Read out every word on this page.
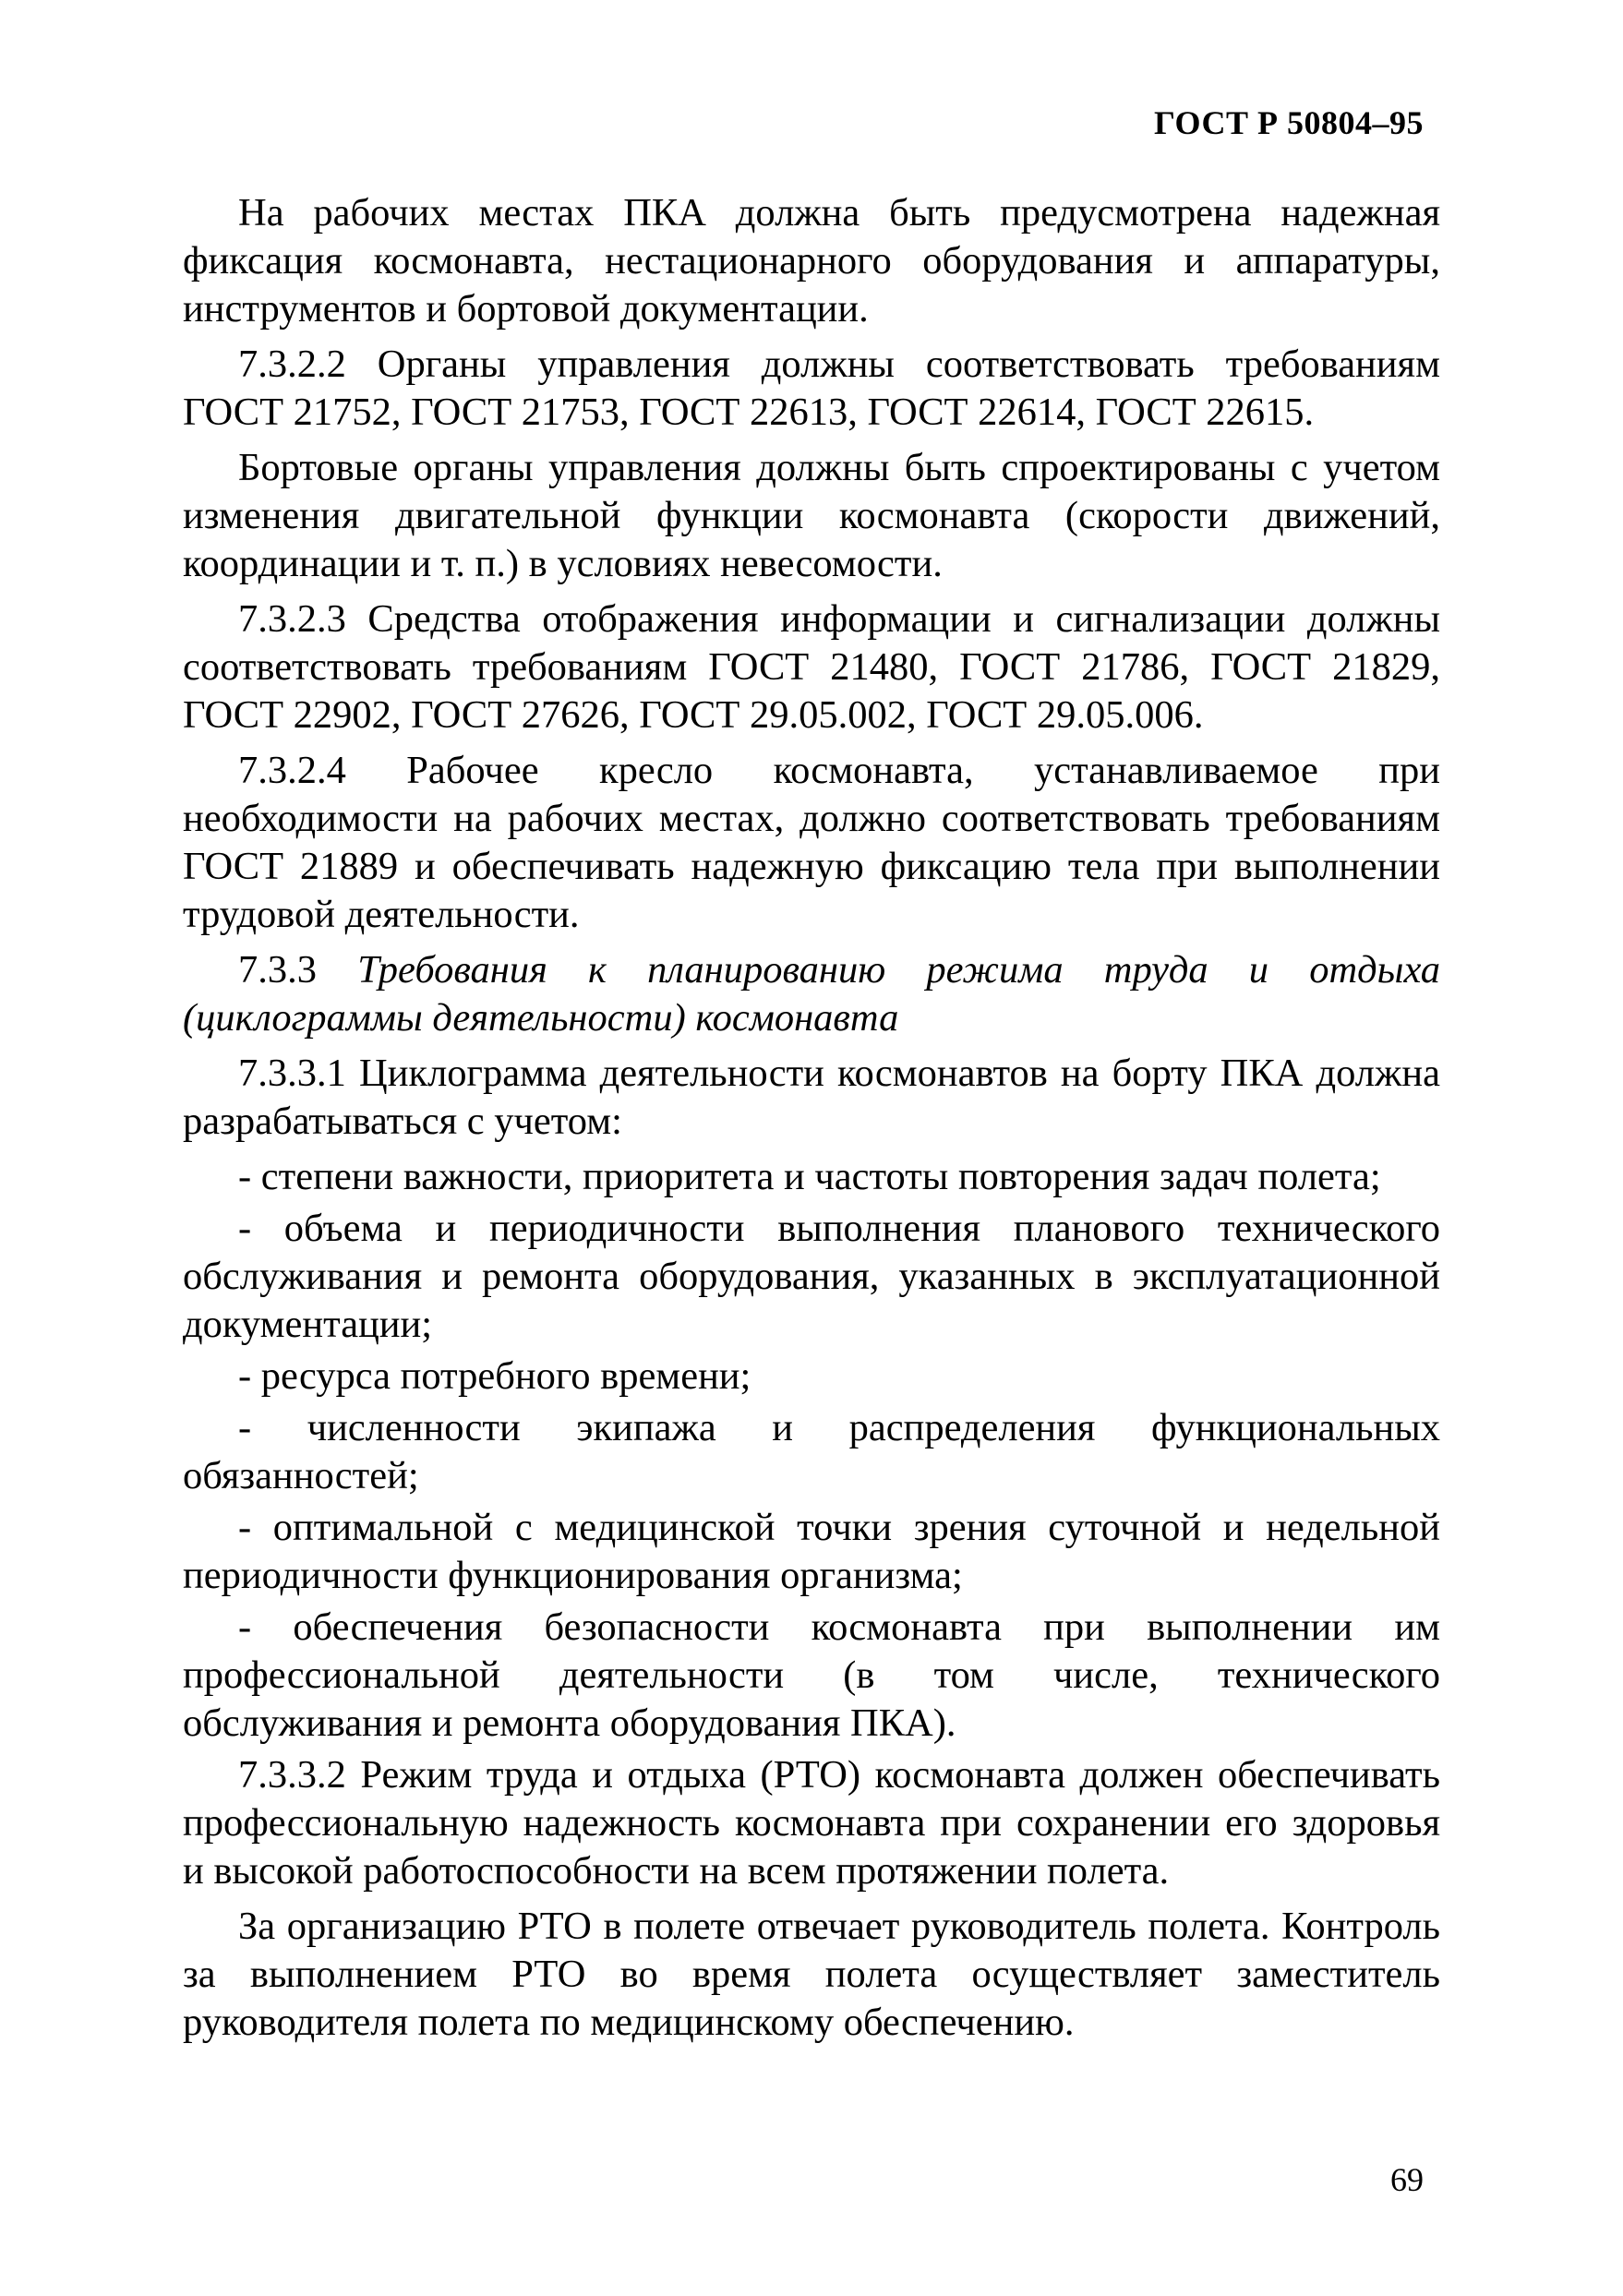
ГОСТ Р 50804–95

На рабочих местах ПКА должна быть предусмотрена надежная фиксация космонавта, нестационарного оборудования и аппаратуры, инструментов и бортовой документации.

7.3.2.2 Органы управления должны соответствовать требованиям ГОСТ 21752, ГОСТ 21753, ГОСТ 22613, ГОСТ 22614, ГОСТ 22615.

Бортовые органы управления должны быть спроектированы с учетом изменения двигательной функции космонавта (скорости движений, координации и т. п.) в условиях невесомости.

7.3.2.3 Средства отображения информации и сигнализации должны соответствовать требованиям ГОСТ 21480, ГОСТ 21786, ГОСТ 21829, ГОСТ 22902, ГОСТ 27626, ГОСТ 29.05.002, ГОСТ 29.05.006.

7.3.2.4 Рабочее кресло космонавта, устанавливаемое при необходимости на рабочих местах, должно соответствовать требованиям ГОСТ 21889 и обеспечивать надежную фиксацию тела при выполнении трудовой деятельности.

7.3.3 Требования к планированию режима труда и отдыха (циклограммы деятельности) космонавта

7.3.3.1 Циклограмма деятельности космонавтов на борту ПКА должна разрабатываться с учетом:

- степени важности, приоритета и частоты повторения задач полета;

- объема и периодичности выполнения планового технического обслуживания и ремонта оборудования, указанных в эксплуатационной документации;

- ресурса потребного времени;

- численности экипажа и распределения функциональных обязанностей;

- оптимальной с медицинской точки зрения суточной и недельной периодичности функционирования организма;

- обеспечения безопасности космонавта при выполнении им профессиональной деятельности (в том числе, технического обслуживания и ремонта оборудования ПКА).

7.3.3.2 Режим труда и отдыха (РТО) космонавта должен обеспечивать профессиональную надежность космонавта при сохранении его здоровья и высокой работоспособности на всем протяжении полета.

За организацию РТО в полете отвечает руководитель полета. Контроль за выполнением РТО во время полета осуществляет заместитель руководителя полета по медицинскому обеспечению.

69
